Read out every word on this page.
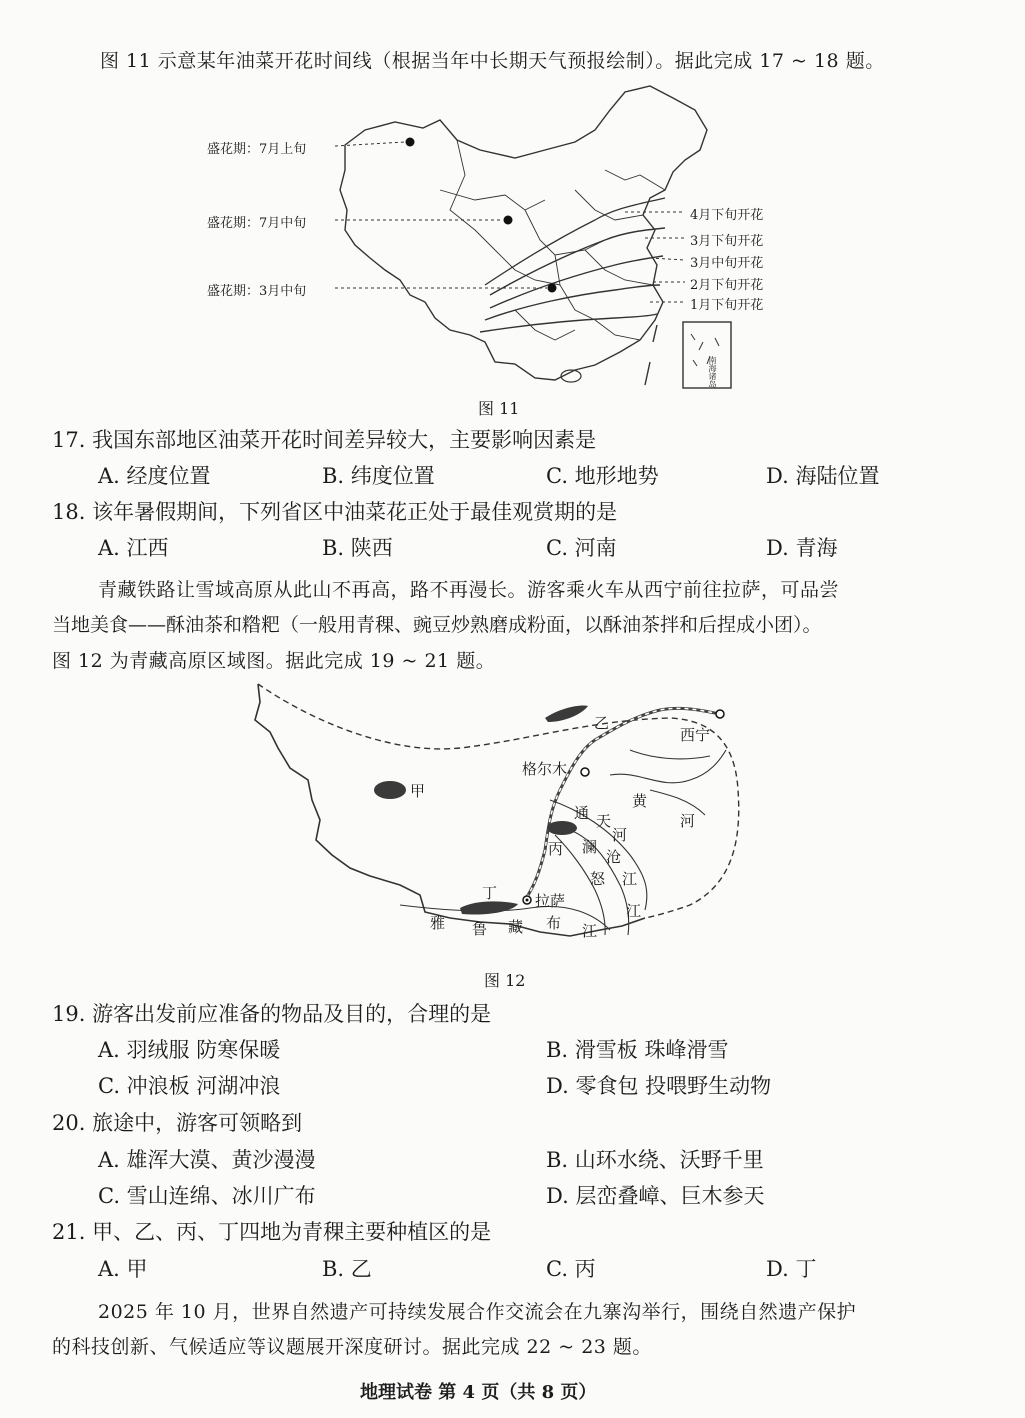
图 11 示意某年油菜开花时间线（根据当年中长期天气预报绘制）。据此完成 17 ~ 18 题。
盛花期：7月上旬
盛花期：7月中旬
盛花期：3月中旬
4月下旬开花
3月下旬开花
3月中旬开花
2月下旬开花
1月下旬开花
南海诸岛
图 11
17. 我国东部地区油菜开花时间差异较大，主要影响因素是
A. 经度位置	B. 纬度位置	C. 地形地势	D. 海陆位置
18. 该年暑假期间，下列省区中油菜花正处于最佳观赏期的是
A. 江西	B. 陕西	C. 河南	D. 青海
青藏铁路让雪域高原从此山不再高，路不再漫长。游客乘火车从西宁前往拉萨，可品尝
当地美食——酥油茶和糌粑（一般用青稞、豌豆炒熟磨成粉面，以酥油茶拌和后捏成小团）。
图 12 为青藏高原区域图。据此完成 19 ~ 21 题。
甲
乙
丙
丁
西宁
格尔木
拉萨
黄
河
通 天
河
澜
沧
江
怒
江
雅 鲁 藏 布 江
图 12
19. 游客出发前应准备的物品及目的，合理的是
A. 羽绒服 防寒保暖	B. 滑雪板 珠峰滑雪
C. 冲浪板 河湖冲浪	D. 零食包 投喂野生动物
20. 旅途中，游客可领略到
A. 雄浑大漠、黄沙漫漫	B. 山环水绕、沃野千里
C. 雪山连绵、冰川广布	D. 层峦叠嶂、巨木参天
21. 甲、乙、丙、丁四地为青稞主要种植区的是
A. 甲	B. 乙	C. 丙	D. 丁
2025 年 10 月，世界自然遗产可持续发展合作交流会在九寨沟举行，围绕自然遗产保护
的科技创新、气候适应等议题展开深度研讨。据此完成 22 ~ 23 题。
地理试卷 第 4 页（共 8 页）
